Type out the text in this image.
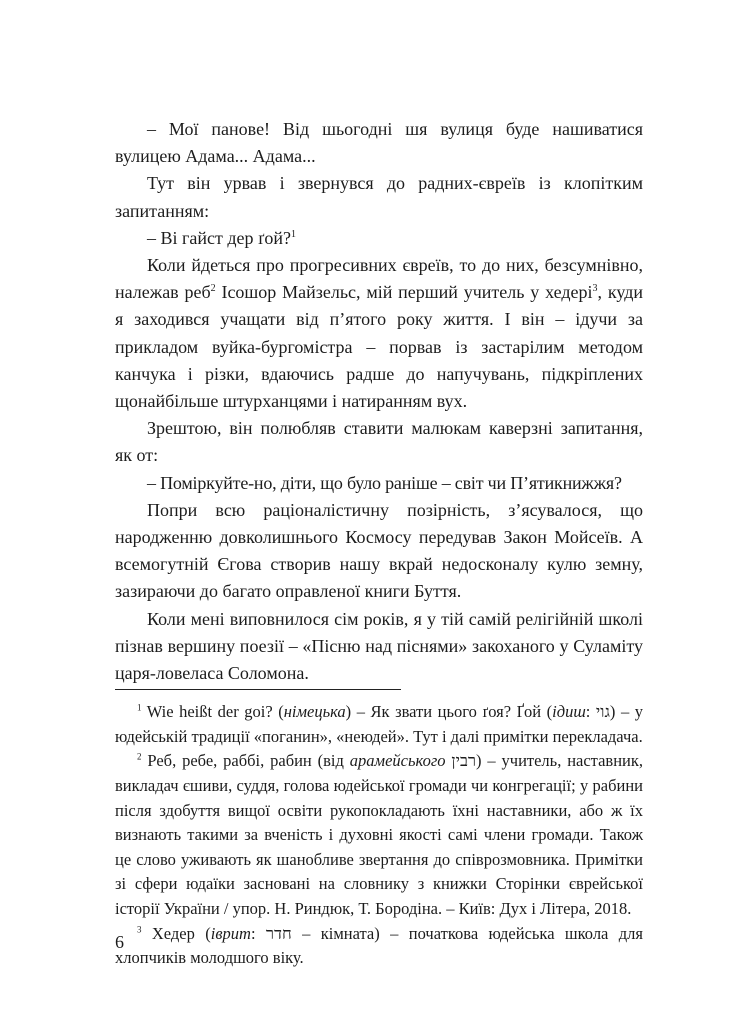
– Мої панове! Від шьогодні шя вулиця буде нашиватися вулицею Адама... Адама...

Тут він урвав і звернувся до радних-євреїв із клопітким запитанням:

– Ві гайст дер ґой?$^1$

Коли йдеться про прогресивних євреїв, то до них, безсумнівно, належав реб$^2$ Ісошор Майзельс, мій перший учитель у хедері$^3$, куди я заходився учащати від п’ятого року життя. І він – ідучи за прикладом вуйка-бургомістра – порвав із застарілим методом канчука і різки, вдаючись радше до напучувань, підкріплених щонайбільше штурханцями і натиранням вух.

Зрештою, він полюбляв ставити малюкам каверзні запитання, як от:

– Поміркуйте-но, діти, що було раніше – світ чи П’ятикнижжя?

Попри всю раціоналістичну позірність, з’ясувалося, що народженню довколишнього Космосу передував Закон Мойсеїв. А всемогутній Єгова створив нашу вкрай недосконалу кулю земну, зазираючи до багато оправленої книги Буття.

Коли мені виповнилося сім років, я у тій самій релігійній школі пізнав вершину поезії – «Пісню над піснями» закоханого у Суламіту царя-ловеласа Соломона.

$^1$ Wie heißt der goi? (німецька) – Як звати цього ґоя? Ґой (ідиш: גוי) – у юдейській традиції «поганин», «неюдей». Тут і далі примітки перекладача.

$^2$ Реб, ребе, раббі, рабин (від арамейського רבין) – учитель, наставник, викладач єшиви, суддя, голова юдейської громади чи конгрегації; у рабини після здобуття вищої освіти рукопокладають їхні наставники, або ж їх визнають такими за вченість і духовні якості самі члени громади. Також це слово уживають як шанобливе звертання до співрозмовника. Примітки зі сфери юдаїки засновані на словнику з книжки Сторінки єврейської історії України / упор. Н. Риндюк, Т. Бородіна. – Київ: Дух і Літера, 2018.

$^3$ Хедер (іврит: חדר – кімната) – початкова юдейська школа для хлопчиків молодшого віку.

6
